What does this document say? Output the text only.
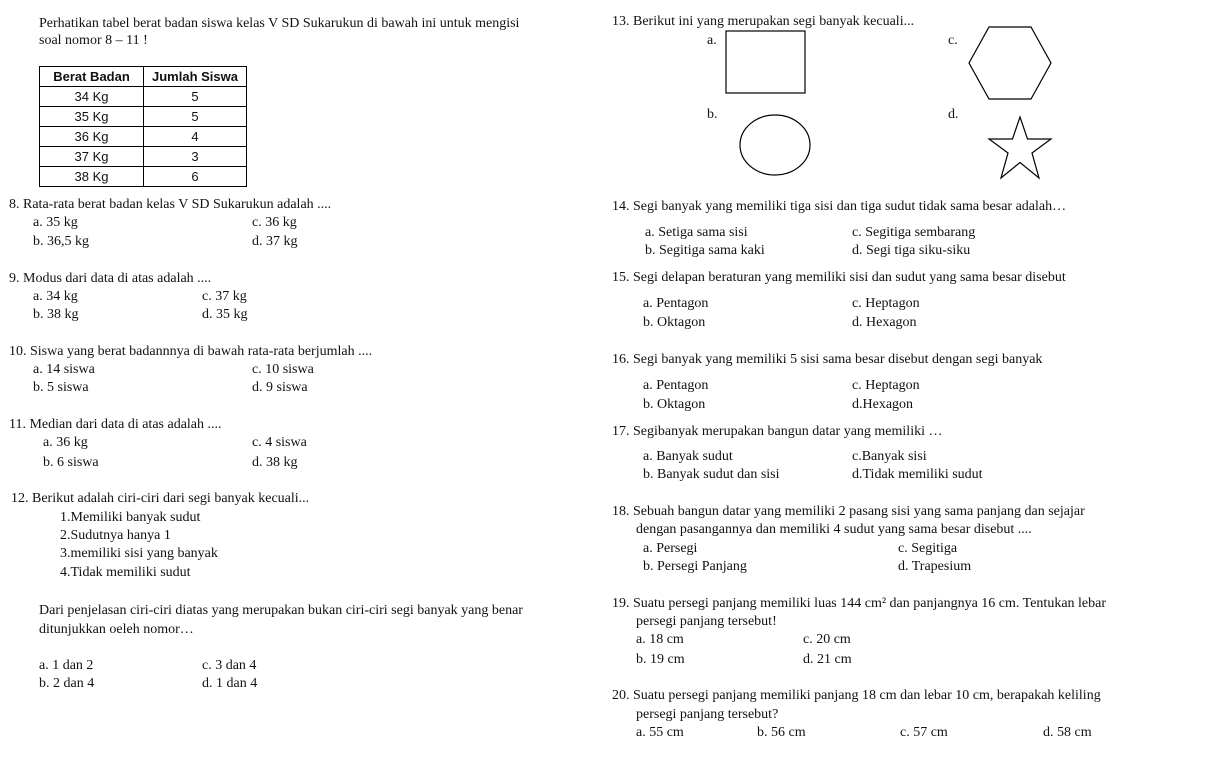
Perhatikan tabel berat badan siswa kelas V SD Sukarukun di bawah ini untuk mengisi
soal nomor 8 – 11 !
Berat Badan	Jumlah Siswa
34 Kg	5
35 Kg	5
36 Kg	4
37 Kg	3
38 Kg	6
8. Rata-rata berat badan kelas V SD Sukarukun adalah ....
a. 35 kg	c. 36 kg
b. 36,5 kg	d. 37 kg
9. Modus dari data di atas adalah ....
a. 34 kg	c. 37 kg
b. 38 kg	d. 35 kg
10. Siswa yang berat badannnya di bawah rata-rata berjumlah ....
a. 14 siswa	c. 10 siswa
b. 5 siswa	d. 9 siswa
11. Median dari data di atas adalah ....
a. 36 kg	c. 4 siswa
b. 6 siswa	d. 38 kg
12. Berikut adalah ciri-ciri dari segi banyak kecuali...
1.Memiliki banyak sudut
2.Sudutnya hanya 1
3.memiliki sisi yang banyak
4.Tidak memiliki sudut
Dari penjelasan ciri-ciri diatas yang merupakan bukan ciri-ciri segi banyak yang benar
ditunjukkan oeleh nomor…
a. 1 dan 2	c. 3 dan 4
b. 2 dan 4	d. 1 dan 4
13. Berikut ini yang merupakan segi banyak kecuali...
a.	c.
b.	d.
14. Segi banyak yang memiliki tiga sisi dan tiga sudut tidak sama besar adalah…
a. Setiga sama sisi	c. Segitiga sembarang
b. Segitiga sama kaki	d. Segi tiga siku-siku
15. Segi delapan beraturan yang memiliki sisi dan sudut yang sama besar disebut
a. Pentagon	c. Heptagon
b. Oktagon	d. Hexagon
16. Segi banyak yang memiliki 5 sisi sama besar disebut dengan segi banyak
a. Pentagon	c. Heptagon
b. Oktagon	d.Hexagon
17. Segibanyak merupakan bangun datar yang memiliki …
a. Banyak sudut	c.Banyak sisi
b. Banyak sudut dan sisi	d.Tidak memiliki sudut
18. Sebuah bangun datar yang memiliki 2 pasang sisi yang sama panjang dan sejajar
dengan pasangannya dan memiliki 4 sudut yang sama besar disebut ....
a. Persegi	c. Segitiga
b. Persegi Panjang	d. Trapesium
19. Suatu persegi panjang memiliki luas 144 cm² dan panjangnya 16 cm. Tentukan lebar
persegi panjang tersebut!
a. 18 cm	c. 20 cm
b. 19 cm	d. 21 cm
20. Suatu persegi panjang memiliki panjang 18 cm dan lebar 10 cm, berapakah keliling
persegi panjang tersebut?
a. 55 cm	b. 56 cm	c. 57 cm	d. 58 cm
